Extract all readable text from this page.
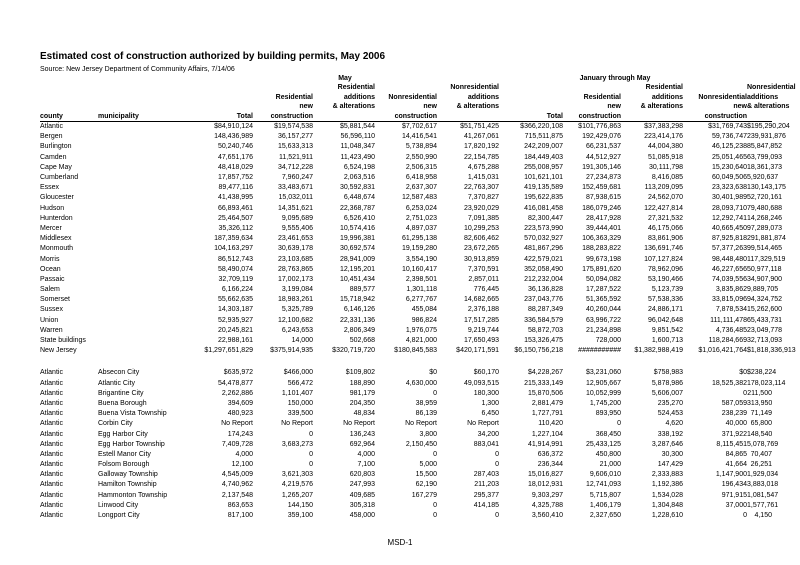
Estimated cost of construction authorized by building permits, May 2006
Source: New Jersey Department of Community Affairs, 7/14/06
May	January through May
				Residential		Nonresidential			Residential		Nonresidential
			Residential	additions	Nonresidential	additions		Residential	additions	Nonresidential	additions
			new	& alterations	new	& alterations		new	& alterations	new	& alterations
county	municipality	Total	construction		construction		Total	construction		construction	
Atlantic		$84,910,124	$19,574,538	$5,881,544	$7,702,617	$51,751,425	$366,220,108	$101,776,863	$37,383,298	$31,769,743	$195,290,204
Bergen		148,436,989	36,157,277	56,596,110	14,416,541	41,267,061	715,511,875	192,429,076	223,414,176	59,736,747	239,931,876
Burlington		50,240,746	15,633,313	11,048,347	5,738,894	17,820,192	242,209,007	66,231,537	44,004,380	46,125,238	85,847,852
Camden		47,651,176	11,521,911	11,423,490	2,550,990	22,154,785	184,449,403	44,512,927	51,085,918	25,051,465	63,799,093
Cape May		48,418,029	34,712,228	6,524,198	2,506,315	4,675,288	255,008,957	191,305,146	30,111,798	15,230,640	18,361,373
Cumberland		17,857,752	7,960,247	2,063,516	6,418,958	1,415,031	101,621,101	27,234,873	8,416,085	60,049,506	5,920,637
Essex		89,477,116	33,483,671	30,592,831	2,637,307	22,763,307	419,135,589	152,459,681	113,209,095	23,323,638	130,143,175
Gloucester		41,438,995	15,032,011	6,448,674	12,587,483	7,370,827	195,622,835	87,938,615	24,562,070	30,401,989	52,720,161
Hudson		66,893,461	14,351,621	22,368,787	6,253,024	23,920,029	416,081,458	186,079,246	122,427,814	28,093,710	79,480,688
Hunterdon		25,464,507	9,095,689	6,526,410	2,751,023	7,091,385	82,300,447	28,417,928	27,321,532	12,292,741	14,268,246
Mercer		35,326,112	9,555,406	10,574,416	4,897,037	10,299,253	223,573,990	39,444,401	46,175,066	40,665,450	97,289,073
Middlesex		187,359,634	23,461,653	19,996,381	61,295,138	82,606,462	570,032,927	106,363,329	83,861,906	87,925,818	291,881,874
Monmouth		104,163,297	30,639,178	30,692,574	19,159,280	23,672,265	481,867,296	188,283,822	136,691,746	57,377,263	99,514,465
Morris		86,512,743	23,103,685	28,941,009	3,554,190	30,913,859	422,579,021	99,673,198	107,127,824	98,448,480	117,329,519
Ocean		58,490,074	28,763,865	12,195,201	10,160,417	7,370,591	352,058,490	175,891,620	78,962,096	46,227,656	50,977,118
Passaic		32,709,119	17,002,173	10,451,434	2,398,501	2,857,011	212,232,004	50,094,082	53,190,466	74,039,556	34,907,900
Salem		6,166,224	3,199,084	889,577	1,301,118	776,445	36,136,828	17,287,522	5,123,739	3,835,862	9,889,705
Somerset		55,662,635	18,983,261	15,718,942	6,277,767	14,682,665	237,043,776	51,365,592	57,538,336	33,815,096	94,324,752
Sussex		14,303,187	5,325,789	6,146,126	455,084	2,376,188	88,287,349	40,260,044	24,886,171	7,878,534	15,262,600
Union		52,935,927	12,100,682	22,331,136	986,824	17,517,285	336,584,579	63,996,722	96,042,648	111,111,478	65,433,731
Warren		20,245,821	6,243,653	2,806,349	1,976,075	9,219,744	58,872,703	21,234,898	9,851,542	4,736,485	23,049,778
State buildings		22,988,161	14,000	502,668	4,821,000	17,650,493	153,326,475	728,000	1,600,713	118,284,669	32,713,093
New Jersey		$1,297,651,829	$375,914,935	$320,719,720	$180,845,583	$420,171,591	$6,150,756,218	###########	$1,382,988,419	$1,016,421,764	$1,818,336,913

Atlantic	Absecon City	$635,972	$466,000	$109,802	$0	$60,170	$4,228,267	$3,231,060	$758,983	$0	$238,224
Atlantic	Atlantic City	54,478,877	566,472	188,890	4,630,000	49,093,515	215,333,149	12,905,667	5,878,986	18,525,382	178,023,114
Atlantic	Brigantine City	2,262,886	1,101,407	981,179	0	180,300	15,870,506	10,052,999	5,606,007	0	211,500
Atlantic	Buena Borough	394,609	150,000	204,350	38,959	1,300	2,881,479	1,745,200	235,270	587,059	313,950
Atlantic	Buena Vista Township	480,923	339,500	48,834	86,139	6,450	1,727,791	893,950	524,453	238,239	71,149
Atlantic	Corbin City	No Report	No Report	No Report	No Report	No Report	110,420	0	4,620	40,000	65,800
Atlantic	Egg Harbor City	174,243	0	136,243	3,800	34,200	1,227,104	368,450	338,192	371,922	148,540
Atlantic	Egg Harbor Township	7,409,728	3,683,273	692,964	2,150,450	883,041	41,914,991	25,433,125	3,287,646	8,115,451	5,078,769
Atlantic	Estell Manor City	4,000	0	4,000	0	0	636,372	450,800	30,300	84,865	70,407
Atlantic	Folsom Borough	12,100	0	7,100	5,000	0	236,344	21,000	147,429	41,664	26,251
Atlantic	Galloway Township	4,545,009	3,621,303	620,803	15,500	287,403	15,016,827	9,606,010	2,333,883	1,147,900	1,929,034
Atlantic	Hamilton Township	4,740,962	4,219,576	247,993	62,190	211,203	18,012,931	12,741,093	1,192,386	196,434	3,883,018
Atlantic	Hammonton Township	2,137,548	1,265,207	409,685	167,279	295,377	9,303,297	5,715,807	1,534,028	971,915	1,081,547
Atlantic	Linwood City	863,653	144,150	305,318	0	414,185	4,325,788	1,406,179	1,304,848	37,000	1,577,761
Atlantic	Longport City	817,100	359,100	458,000	0	0	3,560,410	2,327,650	1,228,610	0	4,150
MSD-1
